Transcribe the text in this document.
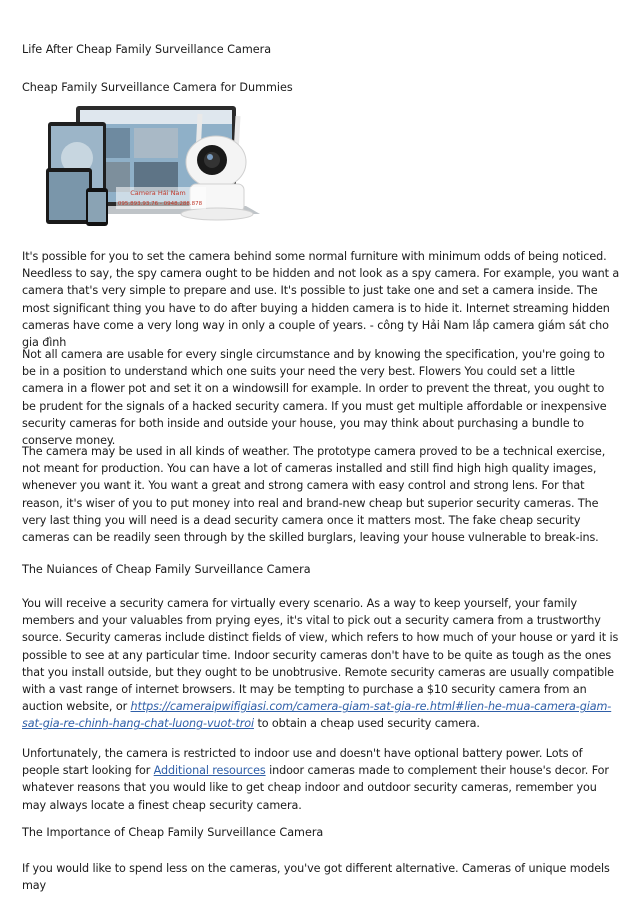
Life After Cheap Family Surveillance Camera
Cheap Family Surveillance Camera for Dummies
Camera Hải Nam
095.893.93.76 - 0948.288.878

It's possible for you to set the camera behind some normal furniture with minimum odds of being noticed. Needless to say, the spy camera ought to be hidden and not look as a spy camera. For example, you want a camera that's very simple to prepare and use. It's possible to just take one and set a camera inside. The most significant thing you have to do after buying a hidden camera is to hide it. Internet streaming hidden cameras have come a very long way in only a couple of years. - công ty Hải Nam lắp camera giám sát cho gia đình

Not all camera are usable for every single circumstance and by knowing the specification, you're going to be in a position to understand which one suits your need the very best. Flowers You could set a little camera in a flower pot and set it on a windowsill for example. In order to prevent the threat, you ought to be prudent for the signals of a hacked security camera. If you must get multiple affordable or inexpensive security cameras for both inside and outside your house, you may think about purchasing a bundle to conserve money.

The camera may be used in all kinds of weather. The prototype camera proved to be a technical exercise, not meant for production. You can have a lot of cameras installed and still find high high quality images, whenever you want it. You want a great and strong camera with easy control and strong lens. For that reason, it's wiser of you to put money into real and brand-new cheap but superior security cameras. The very last thing you will need is a dead security camera once it matters most. The fake cheap security cameras can be readily seen through by the skilled burglars, leaving your house vulnerable to break-ins.

The Nuiances of Cheap Family Surveillance Camera

You will receive a security camera for virtually every scenario. As a way to keep yourself, your family members and your valuables from prying eyes, it's vital to pick out a security camera from a trustworthy source. Security cameras include distinct fields of view, which refers to how much of your house or yard it is possible to see at any particular time. Indoor security cameras don't have to be quite as tough as the ones that you install outside, but they ought to be unobtrusive. Remote security cameras are usually compatible with a vast range of internet browsers. It may be tempting to purchase a $10 security camera from an auction website, or https://cameraipwifigiasi.com/camera-giam-sat-gia-re.html#lien-he-mua-camera-giam-sat-gia-re-chinh-hang-chat-luong-vuot-troi to obtain a cheap used security camera.

Unfortunately, the camera is restricted to indoor use and doesn't have optional battery power. Lots of people start looking for Additional resources indoor cameras made to complement their house's decor. For whatever reasons that you would like to get cheap indoor and outdoor security cameras, remember you may always locate a finest cheap security camera.

The Importance of Cheap Family Surveillance Camera

If you would like to spend less on the cameras, you've got different alternative. Cameras of unique models may
